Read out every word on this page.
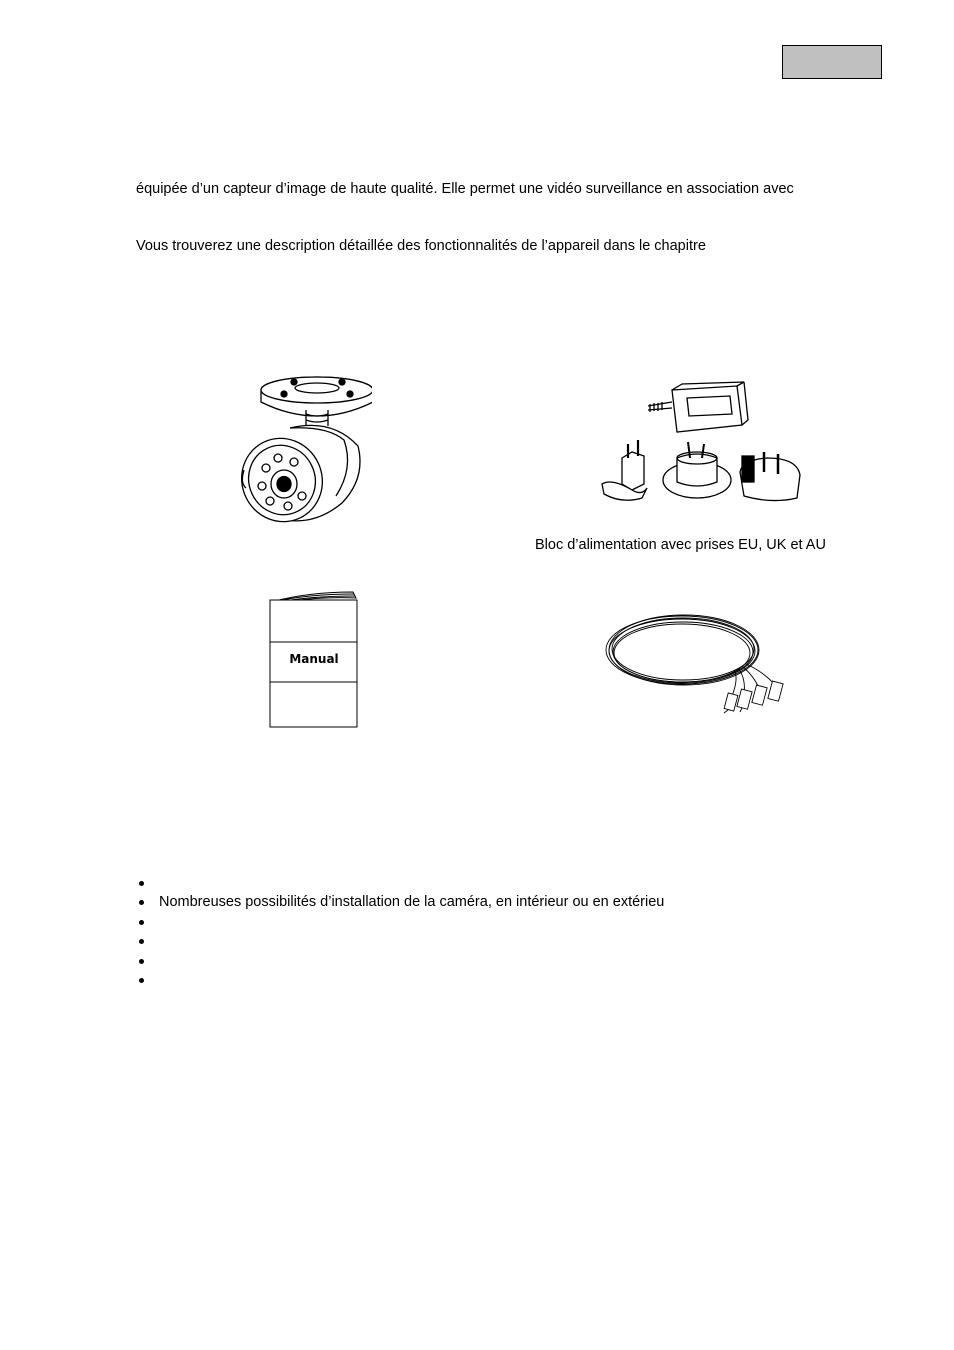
équipée d’un capteur d’image de haute qualité. Elle permet une vidéo surveillance en association avec
Vous trouverez une description détaillée des fonctionnalités de l’appareil dans le chapitre
Bloc d’alimentation avec prises EU, UK et AU
Manual
Nombreuses possibilités d’installation de la caméra, en intérieur ou en extérieu
